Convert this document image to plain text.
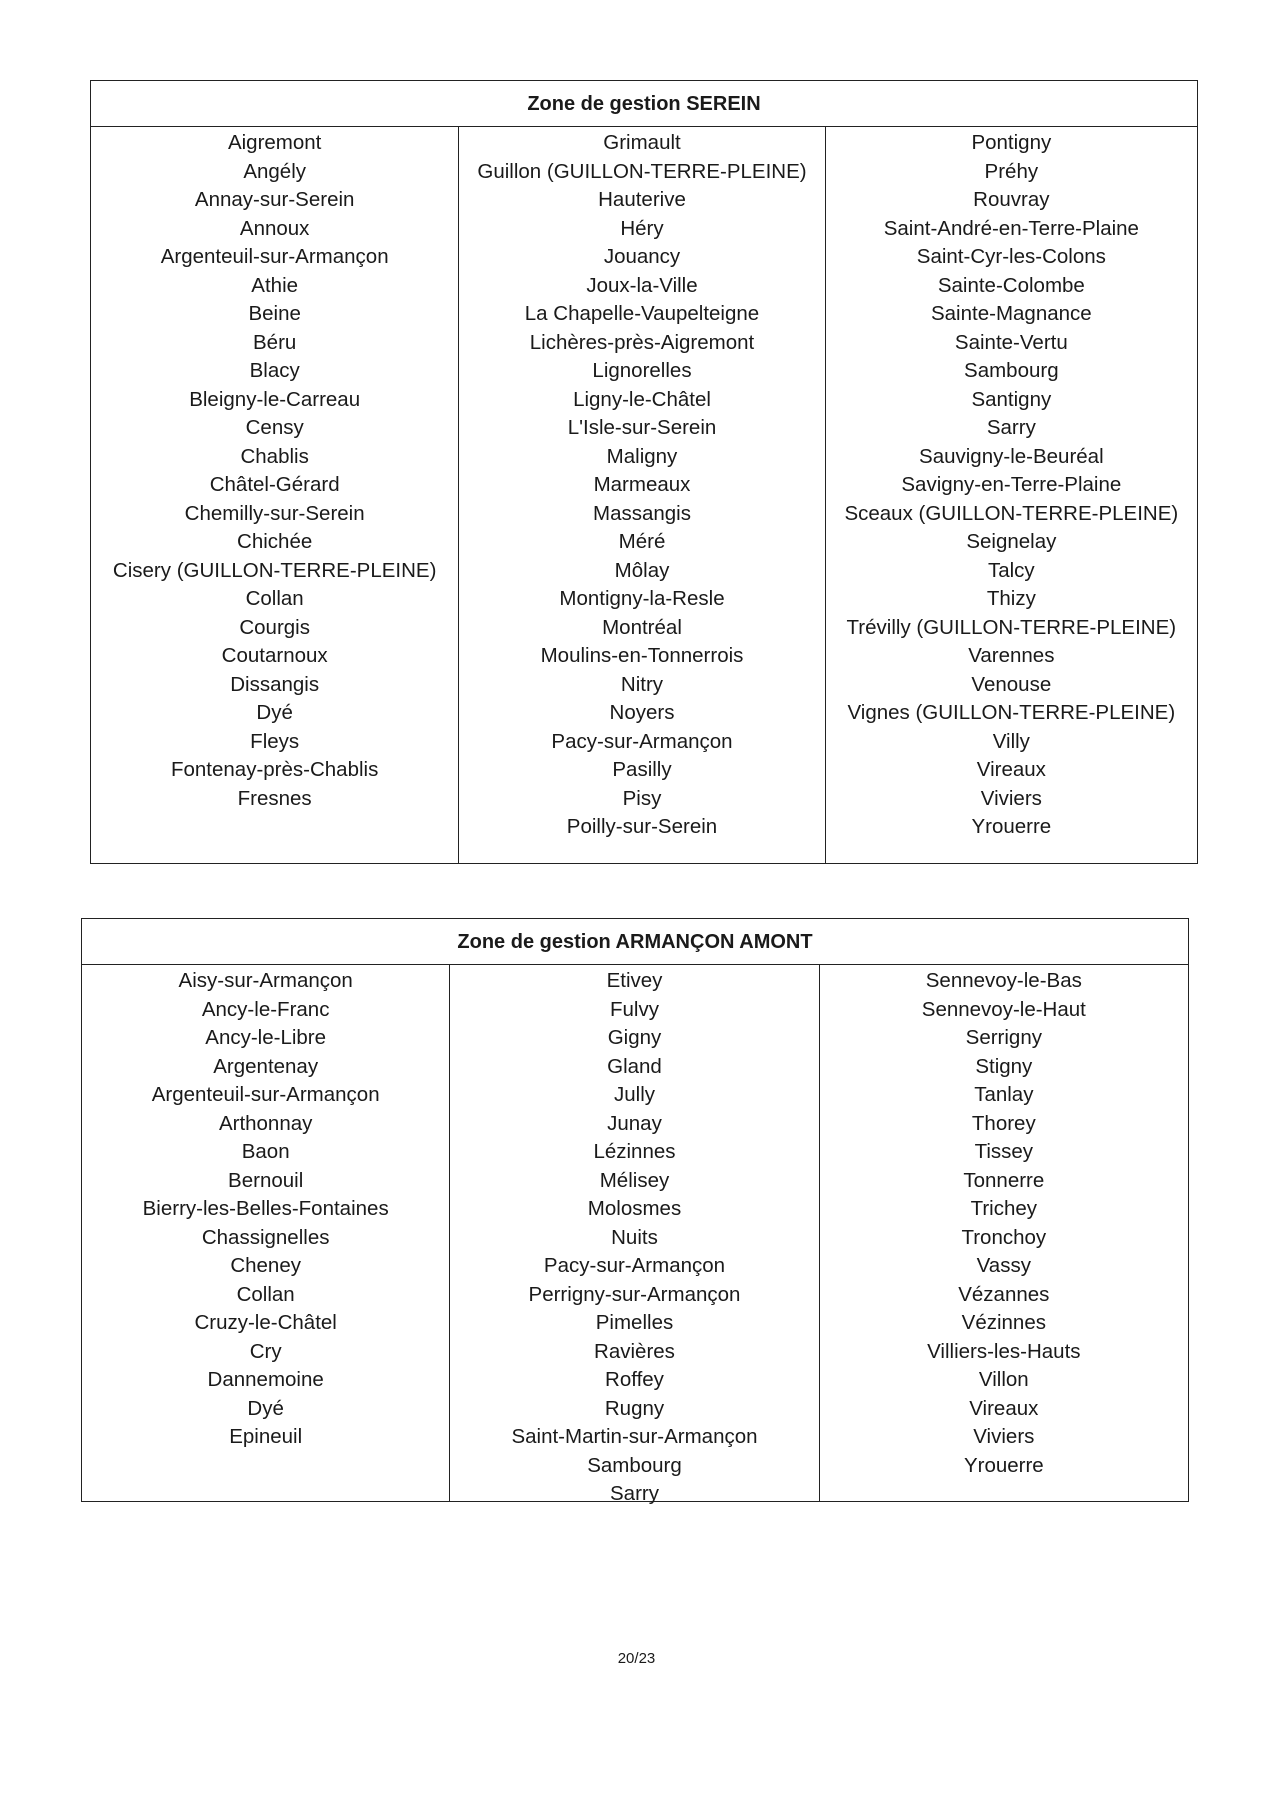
Zone de gestion SEREIN
Aigremont
Angély
Annay-sur-Serein
Annoux
Argenteuil-sur-Armançon
Athie
Beine
Béru
Blacy
Bleigny-le-Carreau
Censy
Chablis
Châtel-Gérard
Chemilly-sur-Serein
Chichée
Cisery (GUILLON-TERRE-PLEINE)
Collan
Courgis
Coutarnoux
Dissangis
Dyé
Fleys
Fontenay-près-Chablis
Fresnes
Grimault
Guillon (GUILLON-TERRE-PLEINE)
Hauterive
Héry
Jouancy
Joux-la-Ville
La Chapelle-Vaupelteigne
Lichères-près-Aigremont
Lignorelles
Ligny-le-Châtel
L'Isle-sur-Serein
Maligny
Marmeaux
Massangis
Méré
Môlay
Montigny-la-Resle
Montréal
Moulins-en-Tonnerrois
Nitry
Noyers
Pacy-sur-Armançon
Pasilly
Pisy
Poilly-sur-Serein
Pontigny
Préhy
Rouvray
Saint-André-en-Terre-Plaine
Saint-Cyr-les-Colons
Sainte-Colombe
Sainte-Magnance
Sainte-Vertu
Sambourg
Santigny
Sarry
Sauvigny-le-Beuréal
Savigny-en-Terre-Plaine
Sceaux (GUILLON-TERRE-PLEINE)
Seignelay
Talcy
Thizy
Trévilly (GUILLON-TERRE-PLEINE)
Varennes
Venouse
Vignes (GUILLON-TERRE-PLEINE)
Villy
Vireaux
Viviers
Yrouerre
Zone de gestion ARMANÇON AMONT
Aisy-sur-Armançon
Ancy-le-Franc
Ancy-le-Libre
Argentenay
Argenteuil-sur-Armançon
Arthonnay
Baon
Bernouil
Bierry-les-Belles-Fontaines
Chassignelles
Cheney
Collan
Cruzy-le-Châtel
Cry
Dannemoine
Dyé
Epineuil
Etivey
Fulvy
Gigny
Gland
Jully
Junay
Lézinnes
Mélisey
Molosmes
Nuits
Pacy-sur-Armançon
Perrigny-sur-Armançon
Pimelles
Ravières
Roffey
Rugny
Saint-Martin-sur-Armançon
Sambourg
Sarry
Sennevoy-le-Bas
Sennevoy-le-Haut
Serrigny
Stigny
Tanlay
Thorey
Tissey
Tonnerre
Trichey
Tronchoy
Vassy
Vézannes
Vézinnes
Villiers-les-Hauts
Villon
Vireaux
Viviers
Yrouerre
20/23
